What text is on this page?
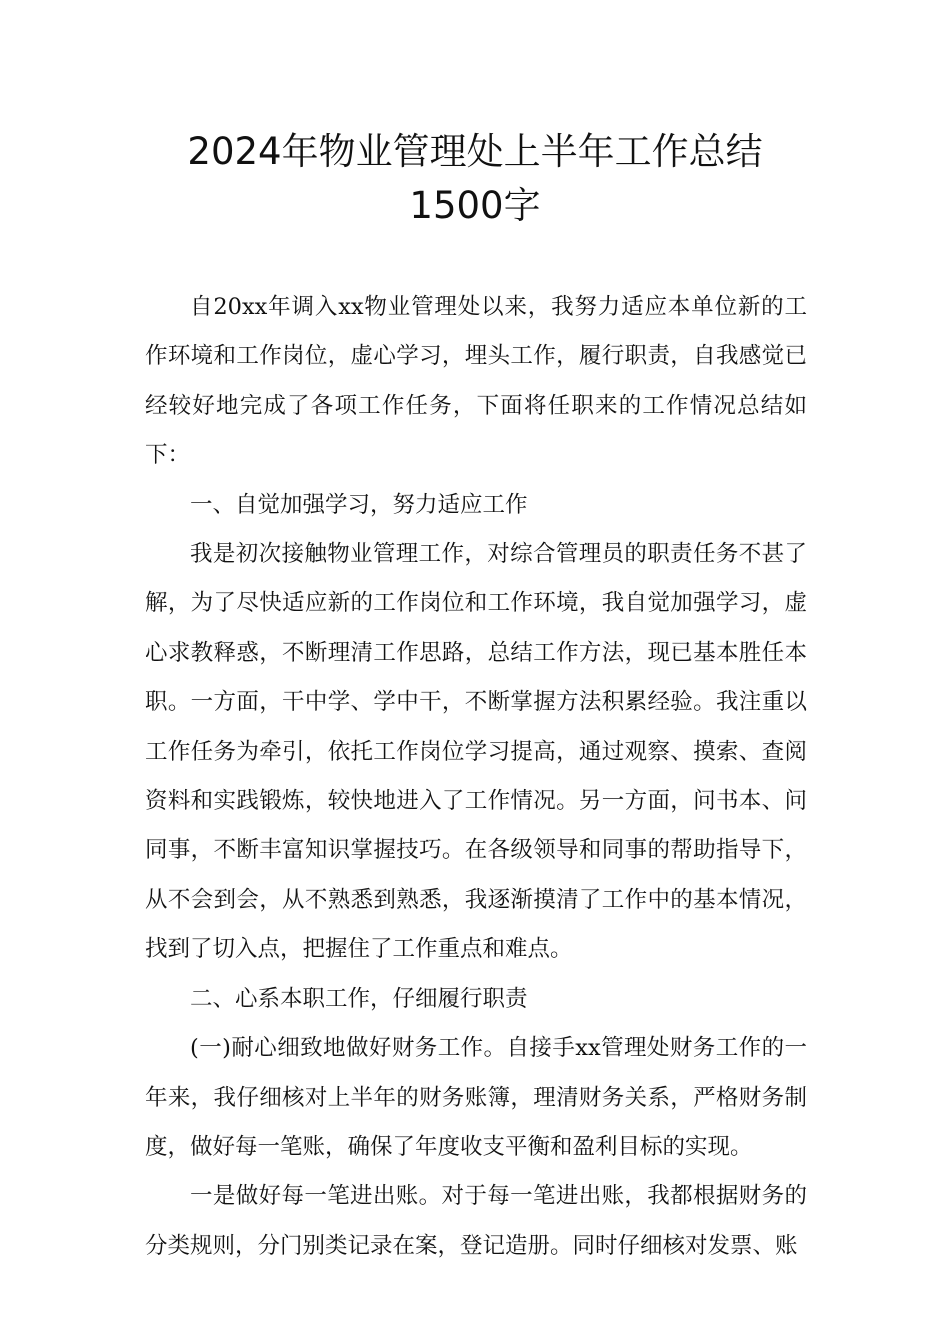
2024年物业管理处上半年工作总结
1500字

自20xx年调入xx物业管理处以来，我努力适应本单位新的工作环境和工作岗位，虚心学习，埋头工作，履行职责，自我感觉已经较好地完成了各项工作任务，下面将任职来的工作情况总结如下：

一、自觉加强学习，努力适应工作

我是初次接触物业管理工作，对综合管理员的职责任务不甚了解，为了尽快适应新的工作岗位和工作环境，我自觉加强学习，虚心求教释惑，不断理清工作思路，总结工作方法，现已基本胜任本职。一方面，干中学、学中干，不断掌握方法积累经验。我注重以工作任务为牵引，依托工作岗位学习提高，通过观察、摸索、查阅资料和实践锻炼，较快地进入了工作情况。另一方面，问书本、问同事，不断丰富知识掌握技巧。在各级领导和同事的帮助指导下，从不会到会，从不熟悉到熟悉，我逐渐摸清了工作中的基本情况，找到了切入点，把握住了工作重点和难点。

二、心系本职工作，仔细履行职责

(一)耐心细致地做好财务工作。自接手xx管理处财务工作的一年来，我仔细核对上半年的财务账簿，理清财务关系，严格财务制度，做好每一笔账，确保了年度收支平衡和盈利目标的实现。

一是做好每一笔进出账。对于每一笔进出账，我都根据财务的分类规则，分门别类记录在案，登记造册。同时仔细核对发票、账
